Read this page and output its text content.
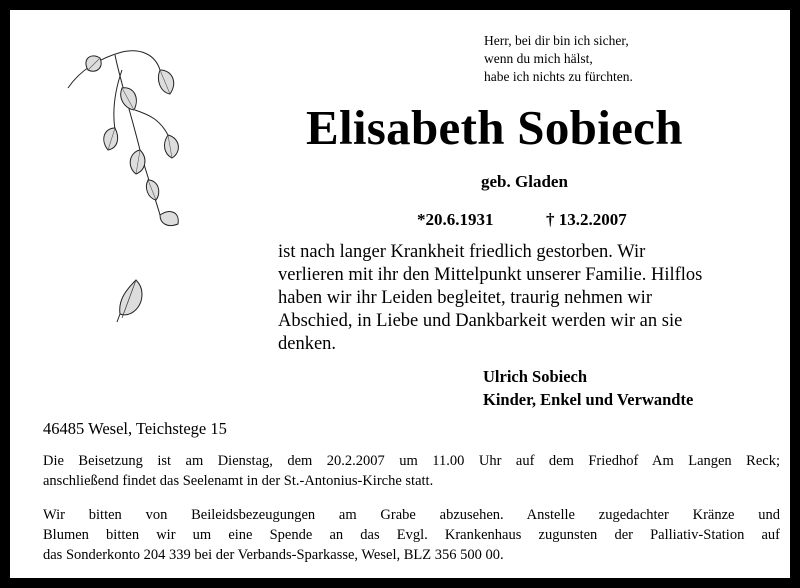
Herr, bei dir bin ich sicher,
wenn du mich hälst,
habe ich nichts zu fürchten.
Elisabeth Sobiech
geb. Gladen
*20.6.1931	† 13.2.2007
ist nach langer Krankheit friedlich gestorben. Wir
verlieren mit ihr den Mittelpunkt unserer Familie. Hilflos
haben wir ihr Leiden begleitet, traurig nehmen wir
Abschied, in Liebe und Dankbarkeit werden wir an sie
denken.
Ulrich Sobiech
Kinder, Enkel und Verwandte
46485 Wesel, Teichstege 15
Die Beisetzung ist am Dienstag, dem 20.2.2007 um 11.00 Uhr auf dem Friedhof Am Langen Reck;
anschließend findet das Seelenamt in der St.-Antonius-Kirche statt.
Wir bitten von Beileidsbezeugungen am Grabe abzusehen. Anstelle zugedachter Kränze und
Blumen bitten wir um eine Spende an das Evgl. Krankenhaus zugunsten der Palliativ-Station auf
das Sonderkonto 204 339 bei der Verbands-Sparkasse, Wesel, BLZ 356 500 00.
